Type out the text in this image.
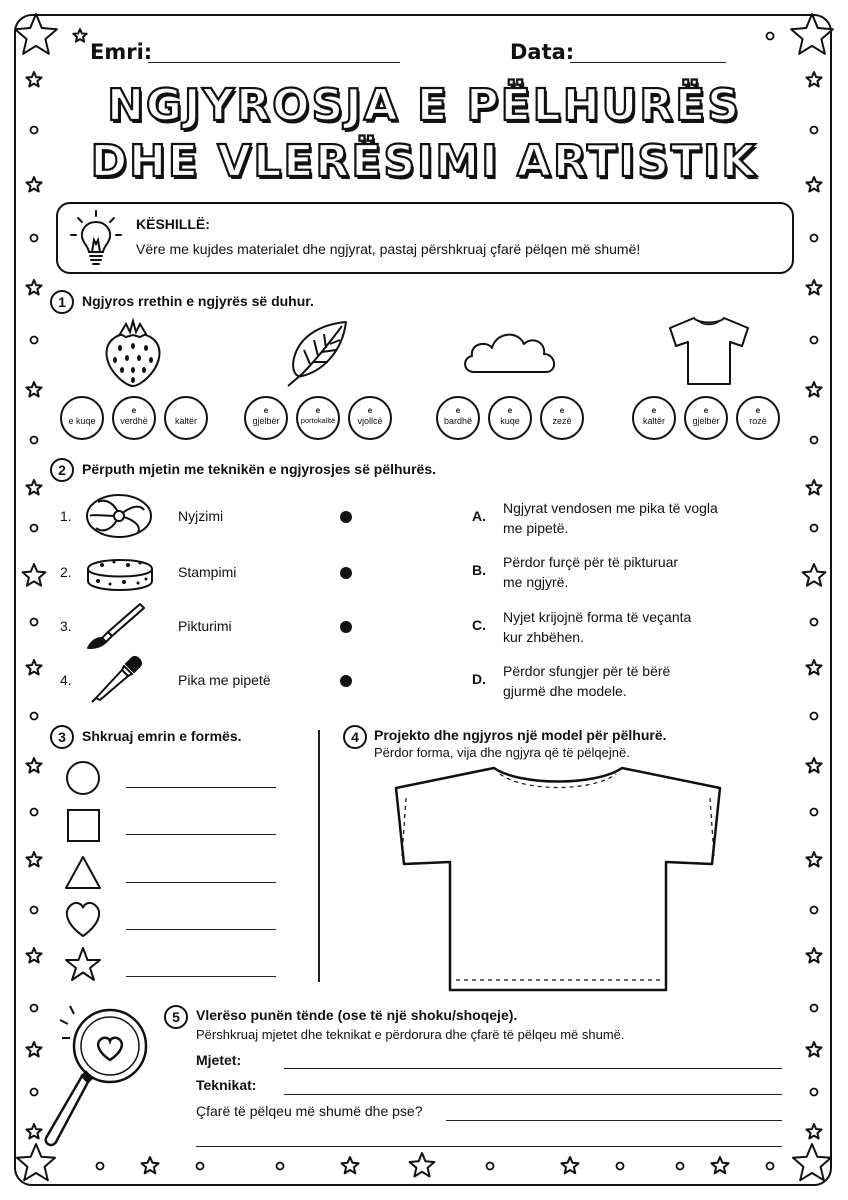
Emri:	Data:
NGJYROSJA E PËLHURËS
DHE VLERËSIMI ARTISTIK
KËSHILLË:
Vëre me kujdes materialet dhe ngjyrat, pastaj përshkruaj çfarë pëlqen më shumë!
1	Ngjyros rrethin e ngjyrës së duhur.
e kuqe
e
verdhë	kaltër
e
gjelbër
e
portokalltë
e
vjollcë
e
bardhë
e
kuqe
e
zezë
e
kaltër
e
gjelbër
e
rozë
2	Përputh mjetin me teknikën e ngjyrosjes së pëlhurës.
1.	Nyjzimi
2.	Stampimi
3.	Pikturimi
4.	Pika me pipetë
A. Ngjyrat vendosen me pika të vogla
me pipetë.
B. Përdor furçë për të pikturuar
me ngjyrë.
C. Nyjet krijojnë forma të veçanta
kur zhbëhen.
D. Përdor sfungjer për të bërë
gjurmë dhe modele.
3	Shkruaj emrin e formës.	4	Projekto dhe ngjyros një model për pëlhurë.
Përdor forma, vija dhe ngjyra që të pëlqejnë.
5	Vlerëso punën tënde (ose të një shoku/shoqeje).
Përshkruaj mjetet dhe teknikat e përdorura dhe çfarë të pëlqeu më shumë.
Mjetet:
Teknikat:
Çfarë të pëlqeu më shumë dhe pse?
